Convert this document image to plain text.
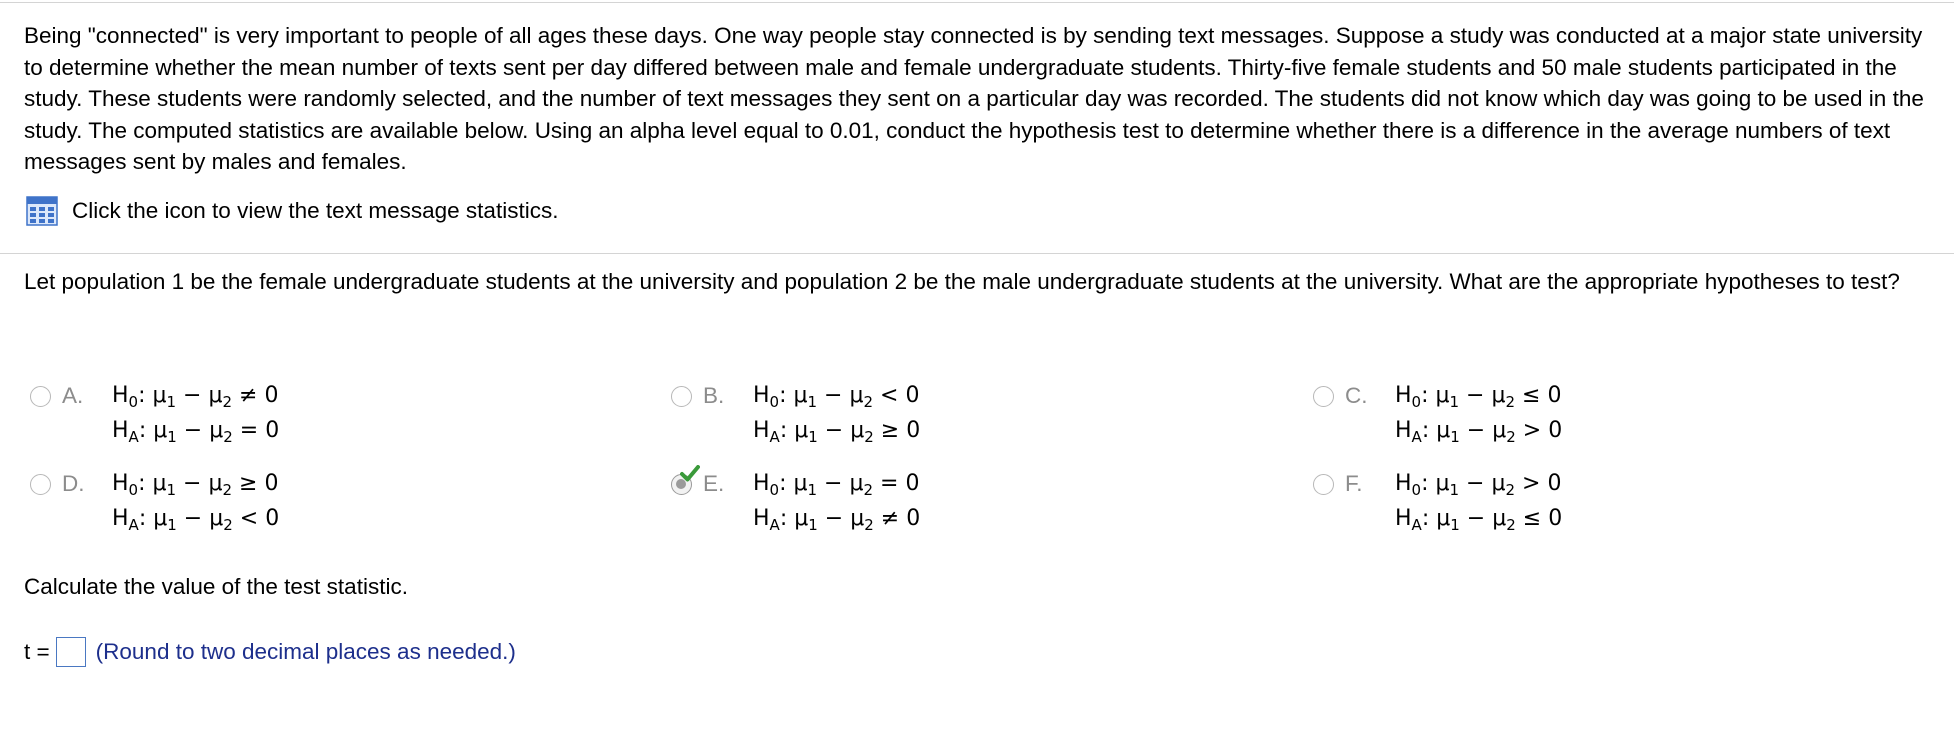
Being "connected" is very important to people of all ages these days. One way people stay connected is by sending text messages. Suppose a study was conducted at a major state university to determine whether the mean number of texts sent per day differed between male and female undergraduate students. Thirty-five female students and 50 male students participated in the study. These students were randomly selected, and the number of text messages they sent on a particular day was recorded. The students did not know which day was going to be used in the study. The computed statistics are available below. Using an alpha level equal to 0.01, conduct the hypothesis test to determine whether there is a difference in the average numbers of text messages sent by males and females.

Click the icon to view the text message statistics.

Let population 1 be the female undergraduate students at the university and population 2 be the male undergraduate students at the university. What are the appropriate hypotheses to test?

A. $H_0$: $\mu_1 - \mu_2 \ne 0$
$H_A$: $\mu_1 - \mu_2 = 0$
B. $H_0$: $\mu_1 - \mu_2 < 0$
$H_A$: $\mu_1 - \mu_2 \ge 0$
C. $H_0$: $\mu_1 - \mu_2 \le 0$
$H_A$: $\mu_1 - \mu_2 > 0$
D. $H_0$: $\mu_1 - \mu_2 \ge 0$
$H_A$: $\mu_1 - \mu_2 < 0$
E. $H_0$: $\mu_1 - \mu_2 = 0$
$H_A$: $\mu_1 - \mu_2 \ne 0$
F. $H_0$: $\mu_1 - \mu_2 > 0$
$H_A$: $\mu_1 - \mu_2 \le 0$

Calculate the value of the test statistic.

t = (Round to two decimal places as needed.)
